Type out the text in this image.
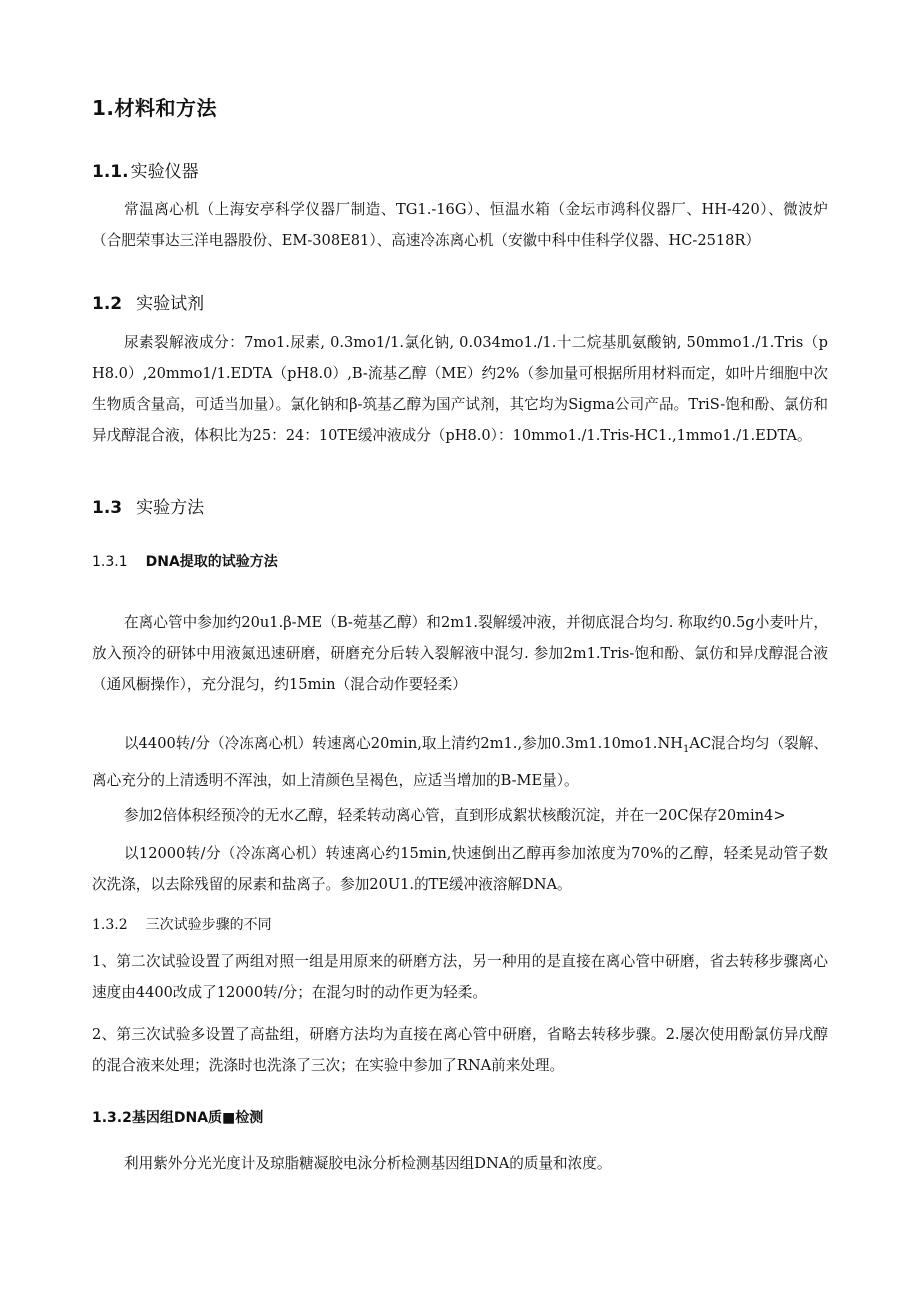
1.材料和方法
1.1. 实验仪器
常温离心机（上海安亭科学仪器厂制造、TG1.-16G）、恒温水箱（金坛市鸿科仪器厂、HH-420）、微波炉（合肥荣事达三洋电器股份、EM-308E81）、高速冷冻离心机（安徽中科中佳科学仪器、HC-2518R）
1.2 实验试剂
尿素裂解液成分：7mo1.尿素, 0.3mo1/1.氯化钠, 0.034mo1./1.十二烷基肌氨酸钠, 50mmo1./1.Tris（pH8.0）,20mmo1/1.EDTA（pH8.0）,B-流基乙醇（ME）约2%（参加量可根据所用材料而定，如叶片细胞中次生物质含量高，可适当加量）。氯化钠和β-筑基乙醇为国产试剂，其它均为Sigma公司产品。TriS-饱和酚、氯仿和异戊醇混合液，体积比为25：24：10TE缓冲液成分（pH8.0）：10mmo1./1.Tris-HC1.,1mmo1./1.EDTA。
1.3 实验方法
1.3.1 DNA提取的试验方法
在离心管中参加约20u1.β-ME（B-菀基乙醇）和2m1.裂解缓冲液，并彻底混合均匀. 称取约0.5g小麦叶片，放入预冷的研钵中用液氮迅速研磨，研磨充分后转入裂解液中混匀. 参加2m1.Tris-饱和酚、氯仿和异戊醇混合液（通风橱操作），充分混匀，约15min（混合动作要轻柔）
以4400转/分（冷冻离心机）转速离心20min,取上清约2m1.,参加$0.3m1.10mo1.NH_1AC$混合均匀（裂解、离心充分的上清透明不浑浊，如上清颜色呈褐色，应适当增加的B-ME量）。
参加2倍体积经预冷的无水乙醇，轻柔转动离心管，直到形成絮状核酸沉淀，并在一20C保存20min4>
以12000转/分（冷冻离心机）转速离心约15min,快速倒出乙醇再参加浓度为70%的乙醇，轻柔晃动管子数次洗涤，以去除残留的尿素和盐离子。参加20U1.的TE缓冲液溶解DNA。
1.3.2 三次试验步骤的不同
1、第二次试验设置了两组对照一组是用原来的研磨方法，另一种用的是直接在离心管中研磨，省去转移步骤离心速度由4400改成了12000转/分；在混匀时的动作更为轻柔。
2、第三次试验多设置了高盐组，研磨方法均为直接在离心管中研磨，省略去转移步骤。2.屡次使用酚氯仿异戊醇的混合液来处理；洗涤时也洗涤了三次；在实验中参加了RNA前来处理。
1.3.2基因组DNA质■检测
利用紫外分光光度计及琼脂糖凝胶电泳分析检测基因组DNA的质量和浓度。
